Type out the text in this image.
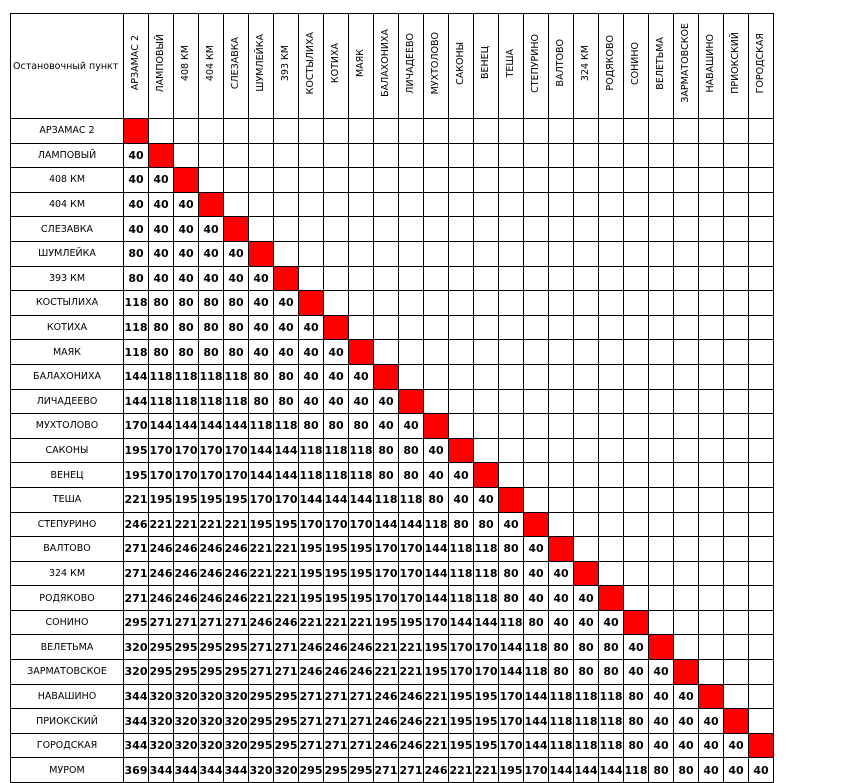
Остановочный пункт	АРЗАМАС 2	ЛАМПОВЫЙ	408 КМ	404 КМ	СЛЕЗАВКА	ШУМЛЕЙКА	393 КМ	КОСТЫЛИХА	КОТИХА	МАЯК	БАЛАХОНИХА	ЛИЧАДЕЕВО	МУХТОЛОВО	САКОНЫ	ВЕНЕЦ	ТЕША	СТЕПУРИНО	ВАЛТОВО	324 КМ	РОДЯКОВО	СОНИНО	ВЕЛЕТЬМА	ЗАРМАТОВСКОЕ	НАВАШИНО	ПРИОКСКИЙ	ГОРОДСКАЯ
АРЗАМАС 2																										
ЛАМПОВЫЙ	40																									
408 КМ	40	40																								
404 КМ	40	40	40																							
СЛЕЗАВКА	40	40	40	40																						
ШУМЛЕЙКА	80	40	40	40	40																					
393 КМ	80	40	40	40	40	40																				
КОСТЫЛИХА	118	80	80	80	80	40	40																			
КОТИХА	118	80	80	80	80	40	40	40																		
МАЯК	118	80	80	80	80	40	40	40	40																	
БАЛАХОНИХА	144	118	118	118	118	80	80	40	40	40																
ЛИЧАДЕЕВО	144	118	118	118	118	80	80	40	40	40	40															
МУХТОЛОВО	170	144	144	144	144	118	118	80	80	80	40	40														
САКОНЫ	195	170	170	170	170	144	144	118	118	118	80	80	40													
ВЕНЕЦ	195	170	170	170	170	144	144	118	118	118	80	80	40	40												
ТЕША	221	195	195	195	195	170	170	144	144	144	118	118	80	40	40											
СТЕПУРИНО	246	221	221	221	221	195	195	170	170	170	144	144	118	80	80	40										
ВАЛТОВО	271	246	246	246	246	221	221	195	195	195	170	170	144	118	118	80	40									
324 КМ	271	246	246	246	246	221	221	195	195	195	170	170	144	118	118	80	40	40								
РОДЯКОВО	271	246	246	246	246	221	221	195	195	195	170	170	144	118	118	80	40	40	40							
СОНИНО	295	271	271	271	271	246	246	221	221	221	195	195	170	144	144	118	80	40	40	40						
ВЕЛЕТЬМА	320	295	295	295	295	271	271	246	246	246	221	221	195	170	170	144	118	80	80	80	40					
ЗАРМАТОВСКОЕ	320	295	295	295	295	271	271	246	246	246	221	221	195	170	170	144	118	80	80	80	40	40				
НАВАШИНО	344	320	320	320	320	295	295	271	271	271	246	246	221	195	195	170	144	118	118	118	80	40	40			
ПРИОКСКИЙ	344	320	320	320	320	295	295	271	271	271	246	246	221	195	195	170	144	118	118	118	80	40	40	40		
ГОРОДСКАЯ	344	320	320	320	320	295	295	271	271	271	246	246	221	195	195	170	144	118	118	118	80	40	40	40	40	
МУРОМ	369	344	344	344	344	320	320	295	295	295	271	271	246	221	221	195	170	144	144	144	118	80	80	40	40	40
